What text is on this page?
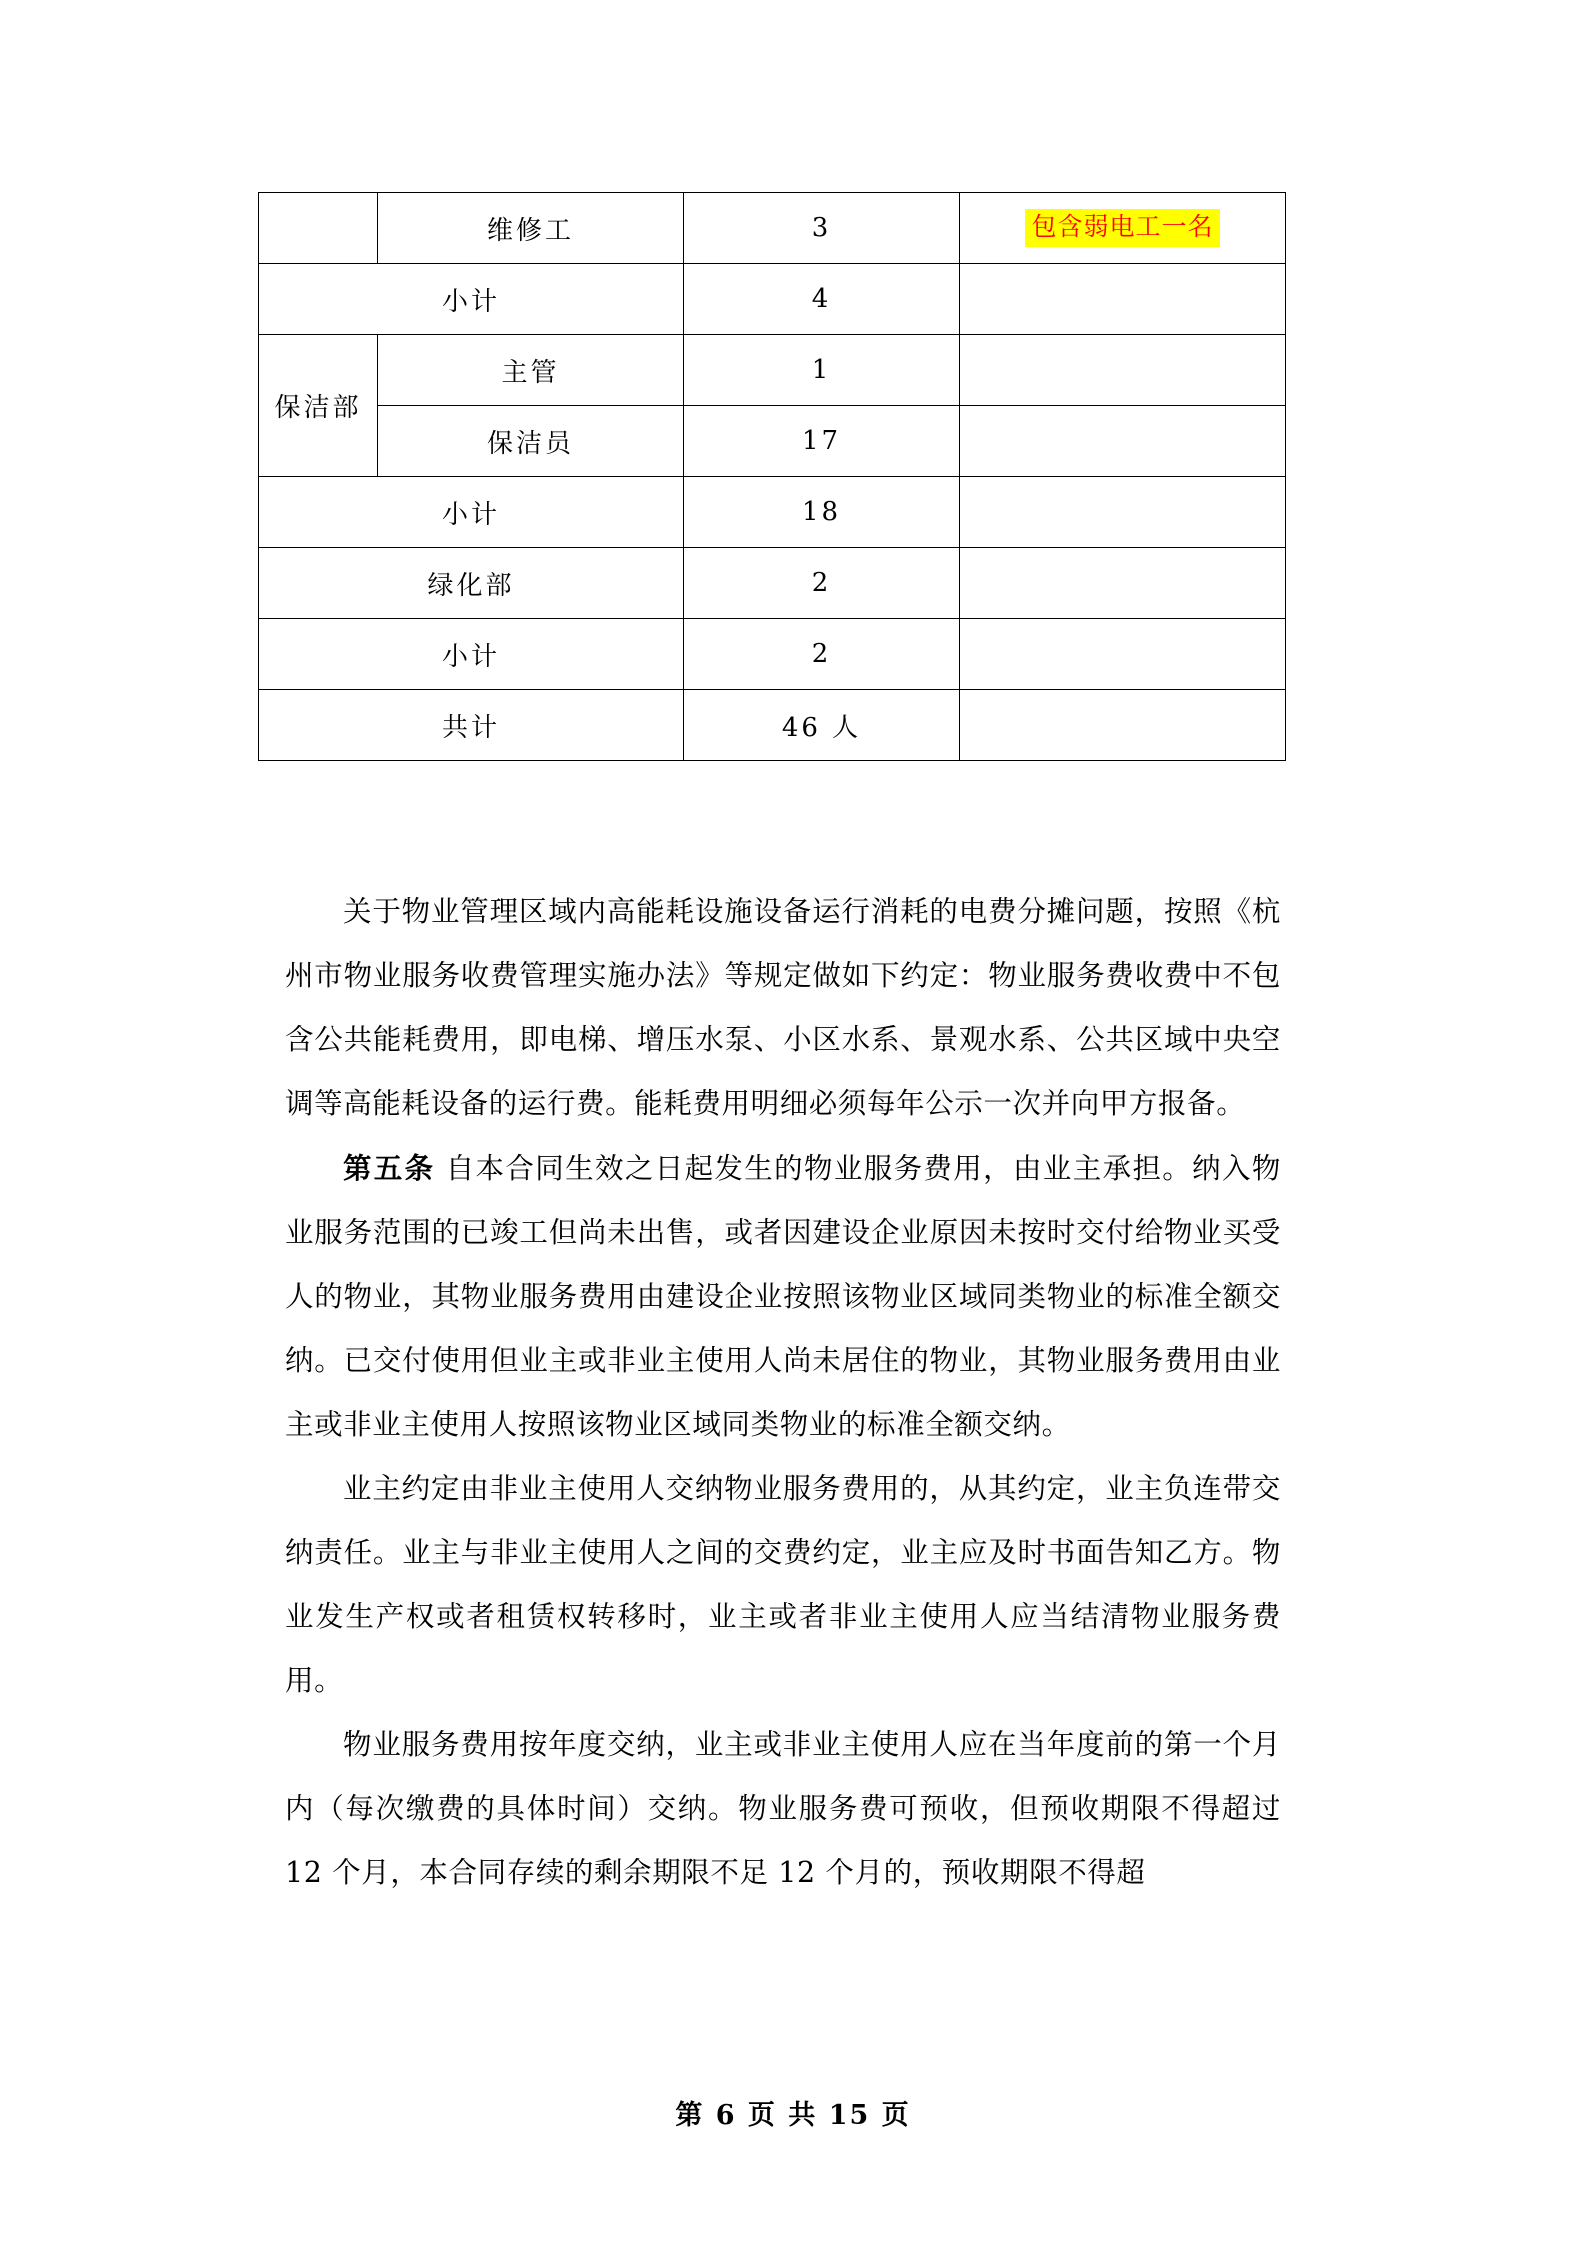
	维修工	3	包含弱电工一名
小计		4	
保洁部	主管	1	
	保洁员	17	
小计		18	
绿化部		2	
小计		2	
共计		46 人	

关于物业管理区域内高能耗设施设备运行消耗的电费分摊问题，按照《杭州市物业服务收费管理实施办法》等规定做如下约定：物业服务费收费中不包含公共能耗费用，即电梯、增压水泵、小区水系、景观水系、公共区域中央空调等高能耗设备的运行费。能耗费用明细必须每年公示一次并向甲方报备。

第五条 自本合同生效之日起发生的物业服务费用，由业主承担。纳入物业服务范围的已竣工但尚未出售，或者因建设企业原因未按时交付给物业买受人的物业，其物业服务费用由建设企业按照该物业区域同类物业的标准全额交纳。已交付使用但业主或非业主使用人尚未居住的物业，其物业服务费用由业主或非业主使用人按照该物业区域同类物业的标准全额交纳。

业主约定由非业主使用人交纳物业服务费用的，从其约定，业主负连带交纳责任。业主与非业主使用人之间的交费约定，业主应及时书面告知乙方。物业发生产权或者租赁权转移时，业主或者非业主使用人应当结清物业服务费用。

物业服务费用按年度交纳，业主或非业主使用人应在当年度前的第一个月内（每次缴费的具体时间）交纳。物业服务费可预收，但预收期限不得超过 12 个月，本合同存续的剩余期限不足 12 个月的，预收期限不得超

第 6 页 共 15 页
